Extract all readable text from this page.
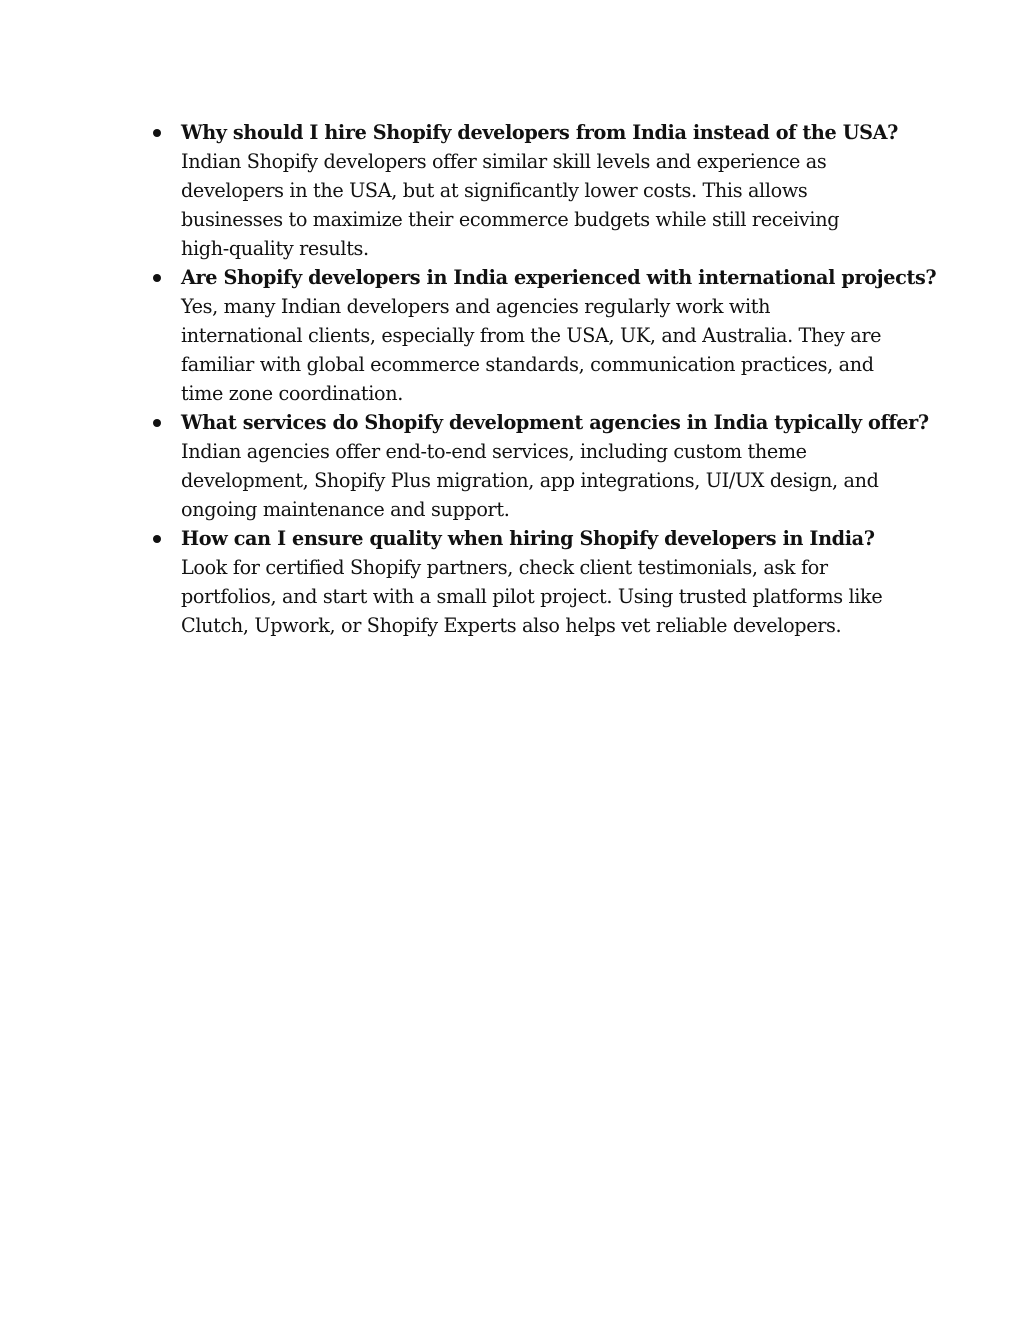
Why should I hire Shopify developers from India instead of the USA?
Indian Shopify developers offer similar skill levels and experience as
developers in the USA, but at significantly lower costs. This allows
businesses to maximize their ecommerce budgets while still receiving
high-quality results.
Are Shopify developers in India experienced with international projects?
Yes, many Indian developers and agencies regularly work with
international clients, especially from the USA, UK, and Australia. They are
familiar with global ecommerce standards, communication practices, and
time zone coordination.
What services do Shopify development agencies in India typically offer?
Indian agencies offer end-to-end services, including custom theme
development, Shopify Plus migration, app integrations, UI/UX design, and
ongoing maintenance and support.
How can I ensure quality when hiring Shopify developers in India?
Look for certified Shopify partners, check client testimonials, ask for
portfolios, and start with a small pilot project. Using trusted platforms like
Clutch, Upwork, or Shopify Experts also helps vet reliable developers.
